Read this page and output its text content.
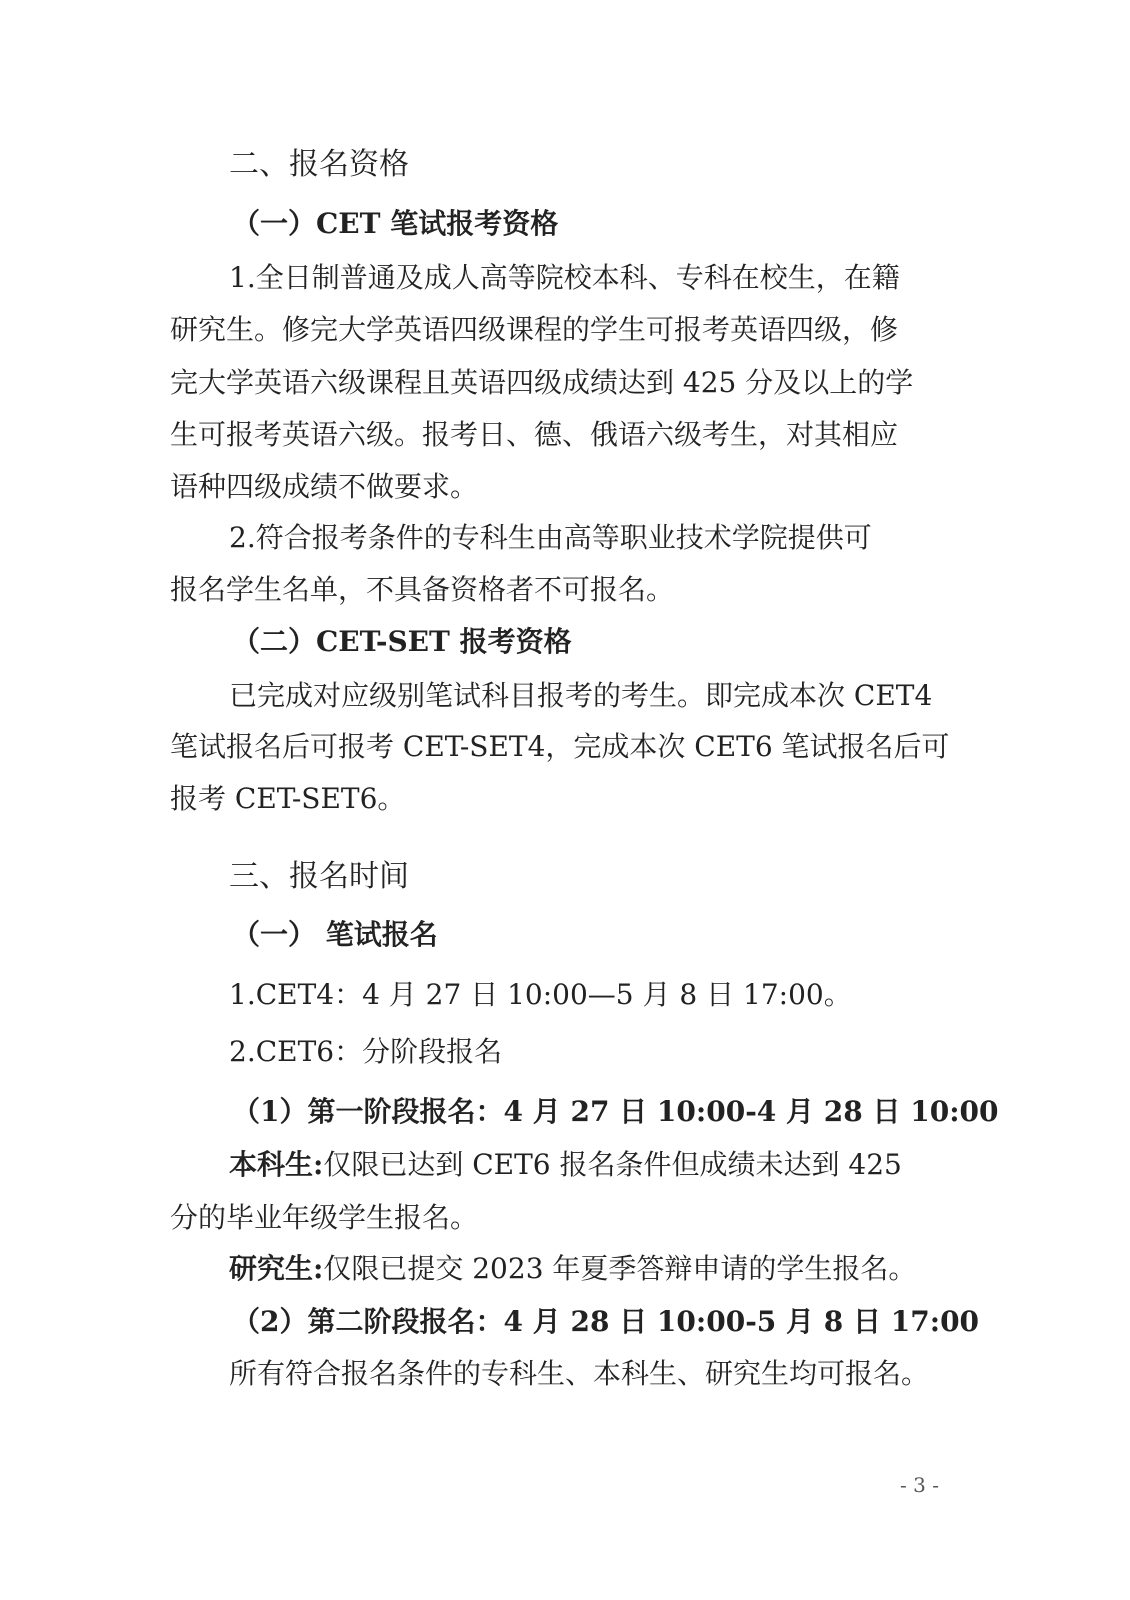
二、报名资格
（一）CET 笔试报考资格
1.全日制普通及成人高等院校本科、专科在校生，在籍
研究生。修完大学英语四级课程的学生可报考英语四级，修
完大学英语六级课程且英语四级成绩达到 425 分及以上的学
生可报考英语六级。报考日、德、俄语六级考生，对其相应
语种四级成绩不做要求。
2.符合报考条件的专科生由高等职业技术学院提供可
报名学生名单，不具备资格者不可报名。
（二）CET-SET 报考资格
已完成对应级别笔试科目报考的考生。即完成本次 CET4
笔试报名后可报考 CET-SET4，完成本次 CET6 笔试报名后可
报考 CET-SET6。
三、报名时间
（一） 笔试报名
1.CET4：4 月 27 日 10:00—5 月 8 日 17:00。
2.CET6：分阶段报名
（1）第一阶段报名：4 月 27 日 10:00-4 月 28 日 10:00
本科生:仅限已达到 CET6 报名条件但成绩未达到 425
分的毕业年级学生报名。
研究生:仅限已提交 2023 年夏季答辩申请的学生报名。
（2）第二阶段报名：4 月 28 日 10:00-5 月 8 日 17:00
所有符合报名条件的专科生、本科生、研究生均可报名。
- 3 -
